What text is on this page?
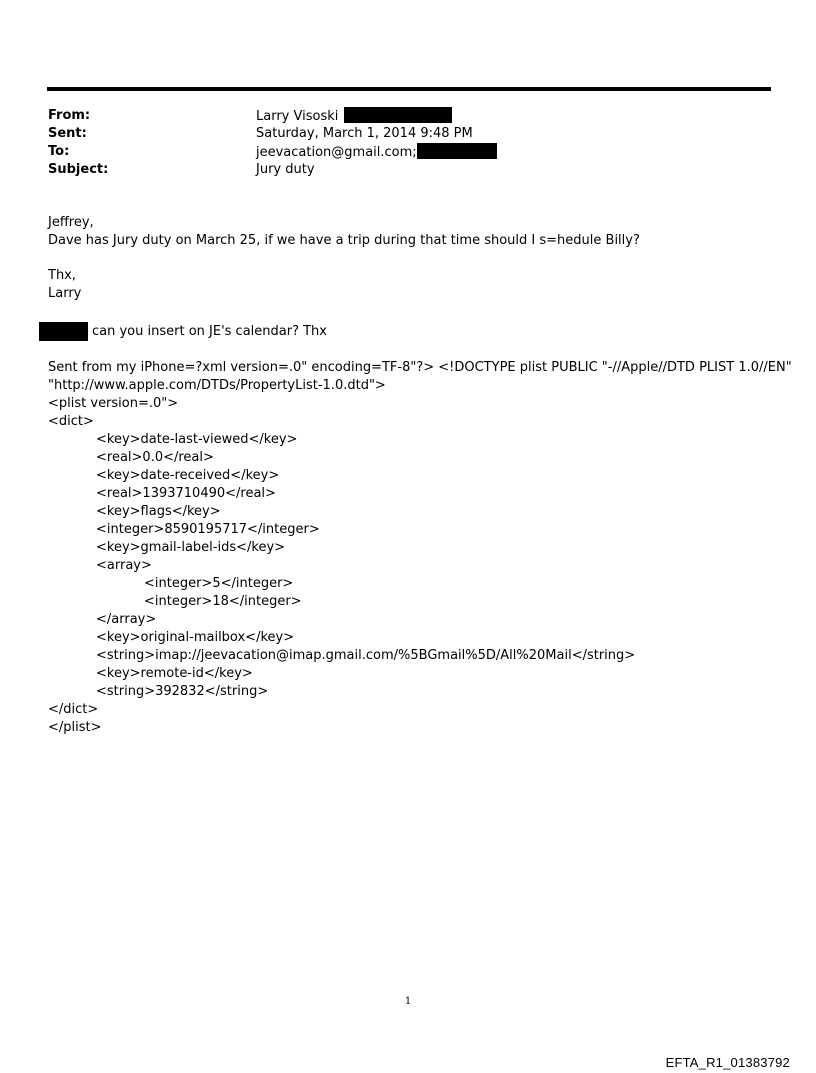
From:	Larry Visoski
Sent:	Saturday, March 1, 2014 9:48 PM
To:	jeevacation@gmail.com;
Subject:	Jury duty
Jeffrey,
Dave has Jury duty on March 25, if we have a trip during that time should I s=hedule Billy?
Thx,
Larry
can you insert on JE's calendar? Thx
Sent from my iPhone=?xml version=.0" encoding=TF-8"?> <!DOCTYPE plist PUBLIC "-//Apple//DTD PLIST 1.0//EN"
"http://www.apple.com/DTDs/PropertyList-1.0.dtd">
<plist version=.0">
<dict>
<key>date-last-viewed</key>
<real>0.0</real>
<key>date-received</key>
<real>1393710490</real>
<key>flags</key>
<integer>8590195717</integer>
<key>gmail-label-ids</key>
<array>
<integer>5</integer>
<integer>18</integer>
</array>
<key>original-mailbox</key>
<string>imap://jeevacation@imap.gmail.com/%5BGmail%5D/All%20Mail</string>
<key>remote-id</key>
<string>392832</string>
</dict>
</plist>
1
EFTA_R1_01383792
